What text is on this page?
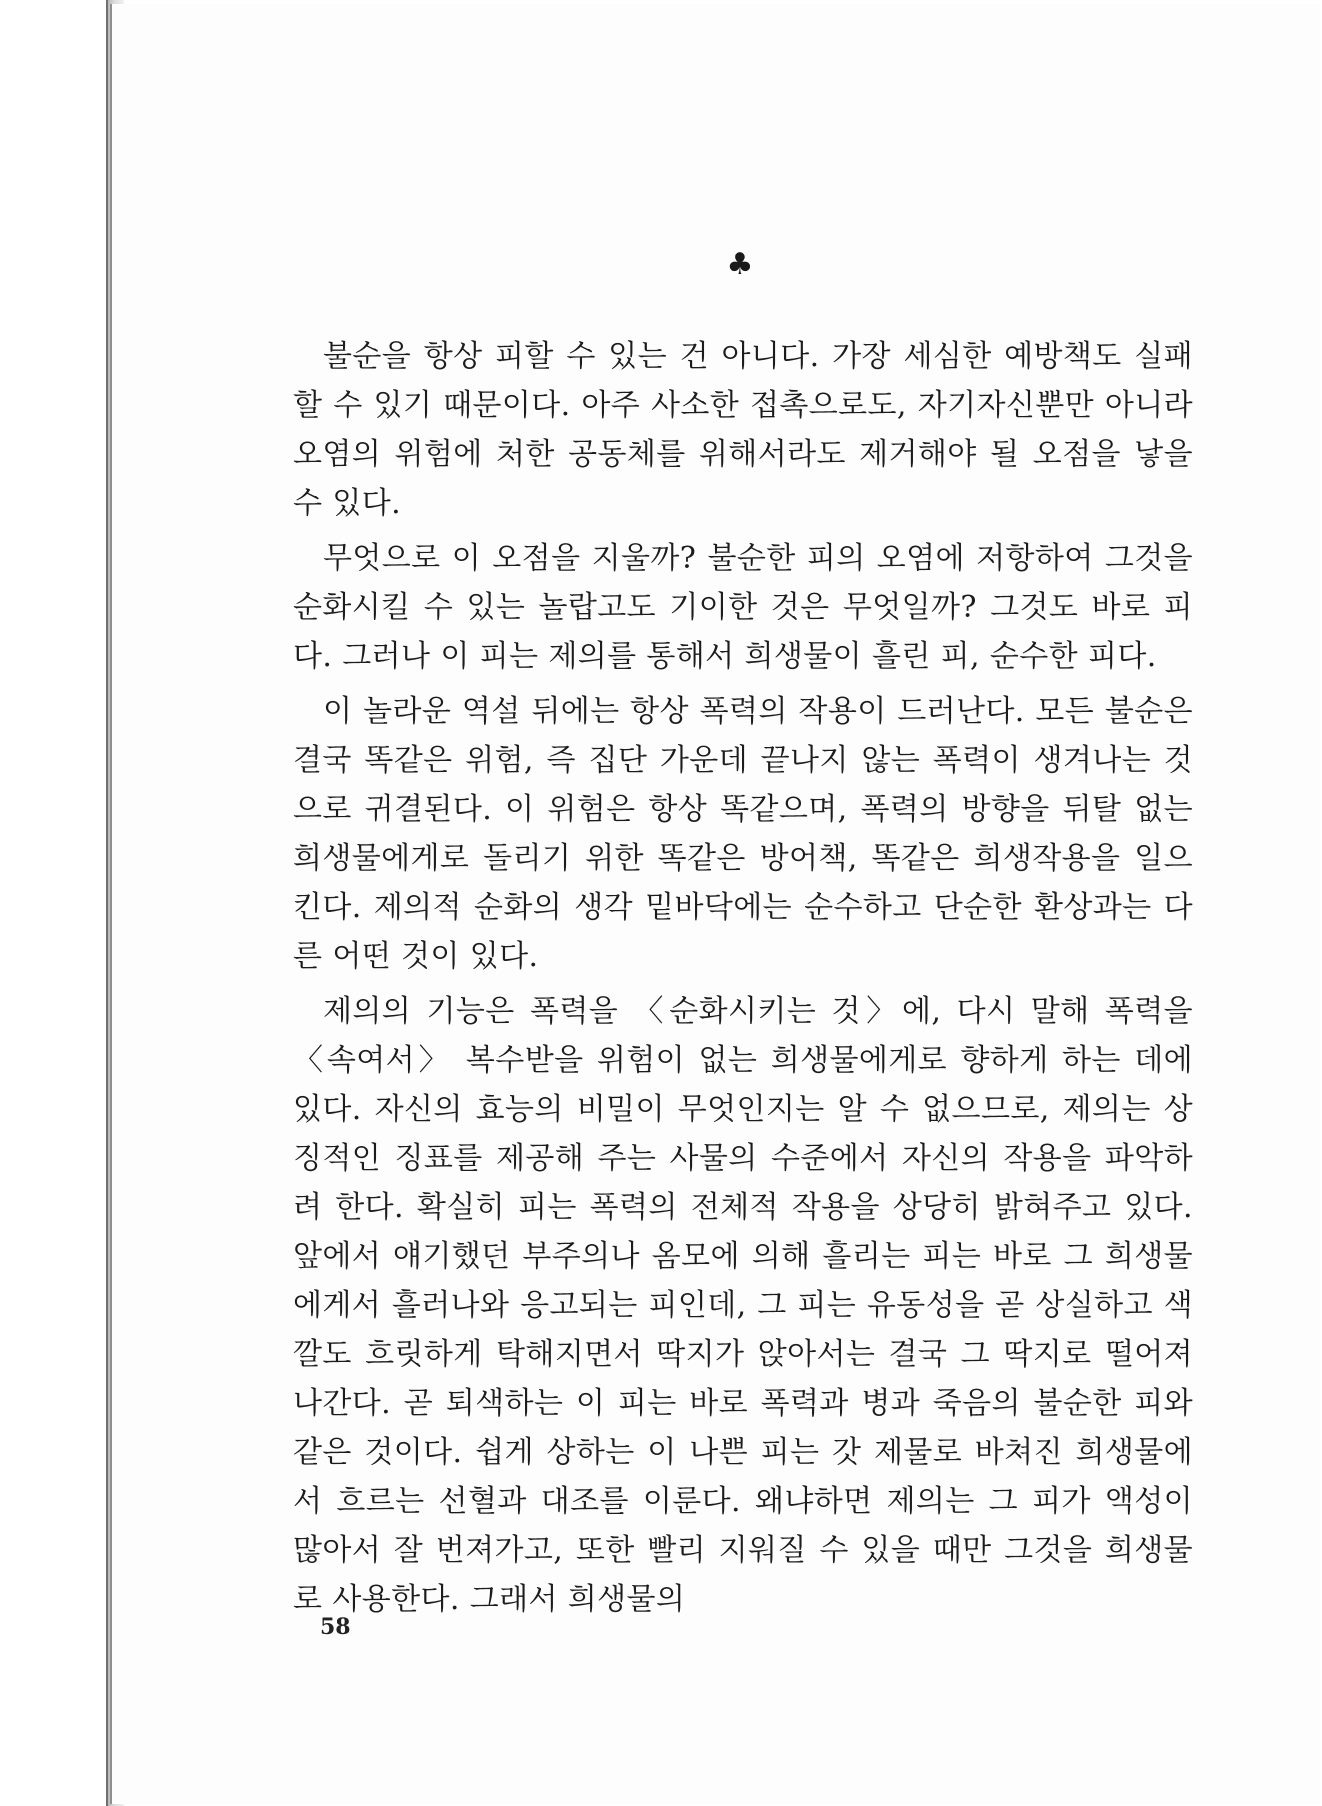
♣

불순을 항상 피할 수 있는 건 아니다. 가장 세심한 예방책도 실패할 수 있기 때문이다. 아주 사소한 접촉으로도, 자기자신뿐만 아니라 오염의 위험에 처한 공동체를 위해서라도 제거해야 될 오점을 낳을 수 있다.

무엇으로 이 오점을 지울까? 불순한 피의 오염에 저항하여 그것을 순화시킬 수 있는 놀랍고도 기이한 것은 무엇일까? 그것도 바로 피다. 그러나 이 피는 제의를 통해서 희생물이 흘린 피, 순수한 피다.

이 놀라운 역설 뒤에는 항상 폭력의 작용이 드러난다. 모든 불순은 결국 똑같은 위험, 즉 집단 가운데 끝나지 않는 폭력이 생겨나는 것으로 귀결된다. 이 위험은 항상 똑같으며, 폭력의 방향을 뒤탈 없는 희생물에게로 돌리기 위한 똑같은 방어책, 똑같은 희생작용을 일으킨다. 제의적 순화의 생각 밑바닥에는 순수하고 단순한 환상과는 다른 어떤 것이 있다.

제의의 기능은 폭력을 〈순화시키는 것〉에, 다시 말해 폭력을 〈속여서〉 복수받을 위험이 없는 희생물에게로 향하게 하는 데에 있다. 자신의 효능의 비밀이 무엇인지는 알 수 없으므로, 제의는 상징적인 징표를 제공해 주는 사물의 수준에서 자신의 작용을 파악하려 한다. 확실히 피는 폭력의 전체적 작용을 상당히 밝혀주고 있다. 앞에서 얘기했던 부주의나 옴모에 의해 흘리는 피는 바로 그 희생물에게서 흘러나와 응고되는 피인데, 그 피는 유동성을 곧 상실하고 색깔도 흐릿하게 탁해지면서 딱지가 앉아서는 결국 그 딱지로 떨어져 나간다. 곧 퇴색하는 이 피는 바로 폭력과 병과 죽음의 불순한 피와 같은 것이다. 쉽게 상하는 이 나쁜 피는 갓 제물로 바쳐진 희생물에서 흐르는 선혈과 대조를 이룬다. 왜냐하면 제의는 그 피가 액성이 많아서 잘 번져가고, 또한 빨리 지워질 수 있을 때만 그것을 희생물로 사용한다. 그래서 희생물의

58
